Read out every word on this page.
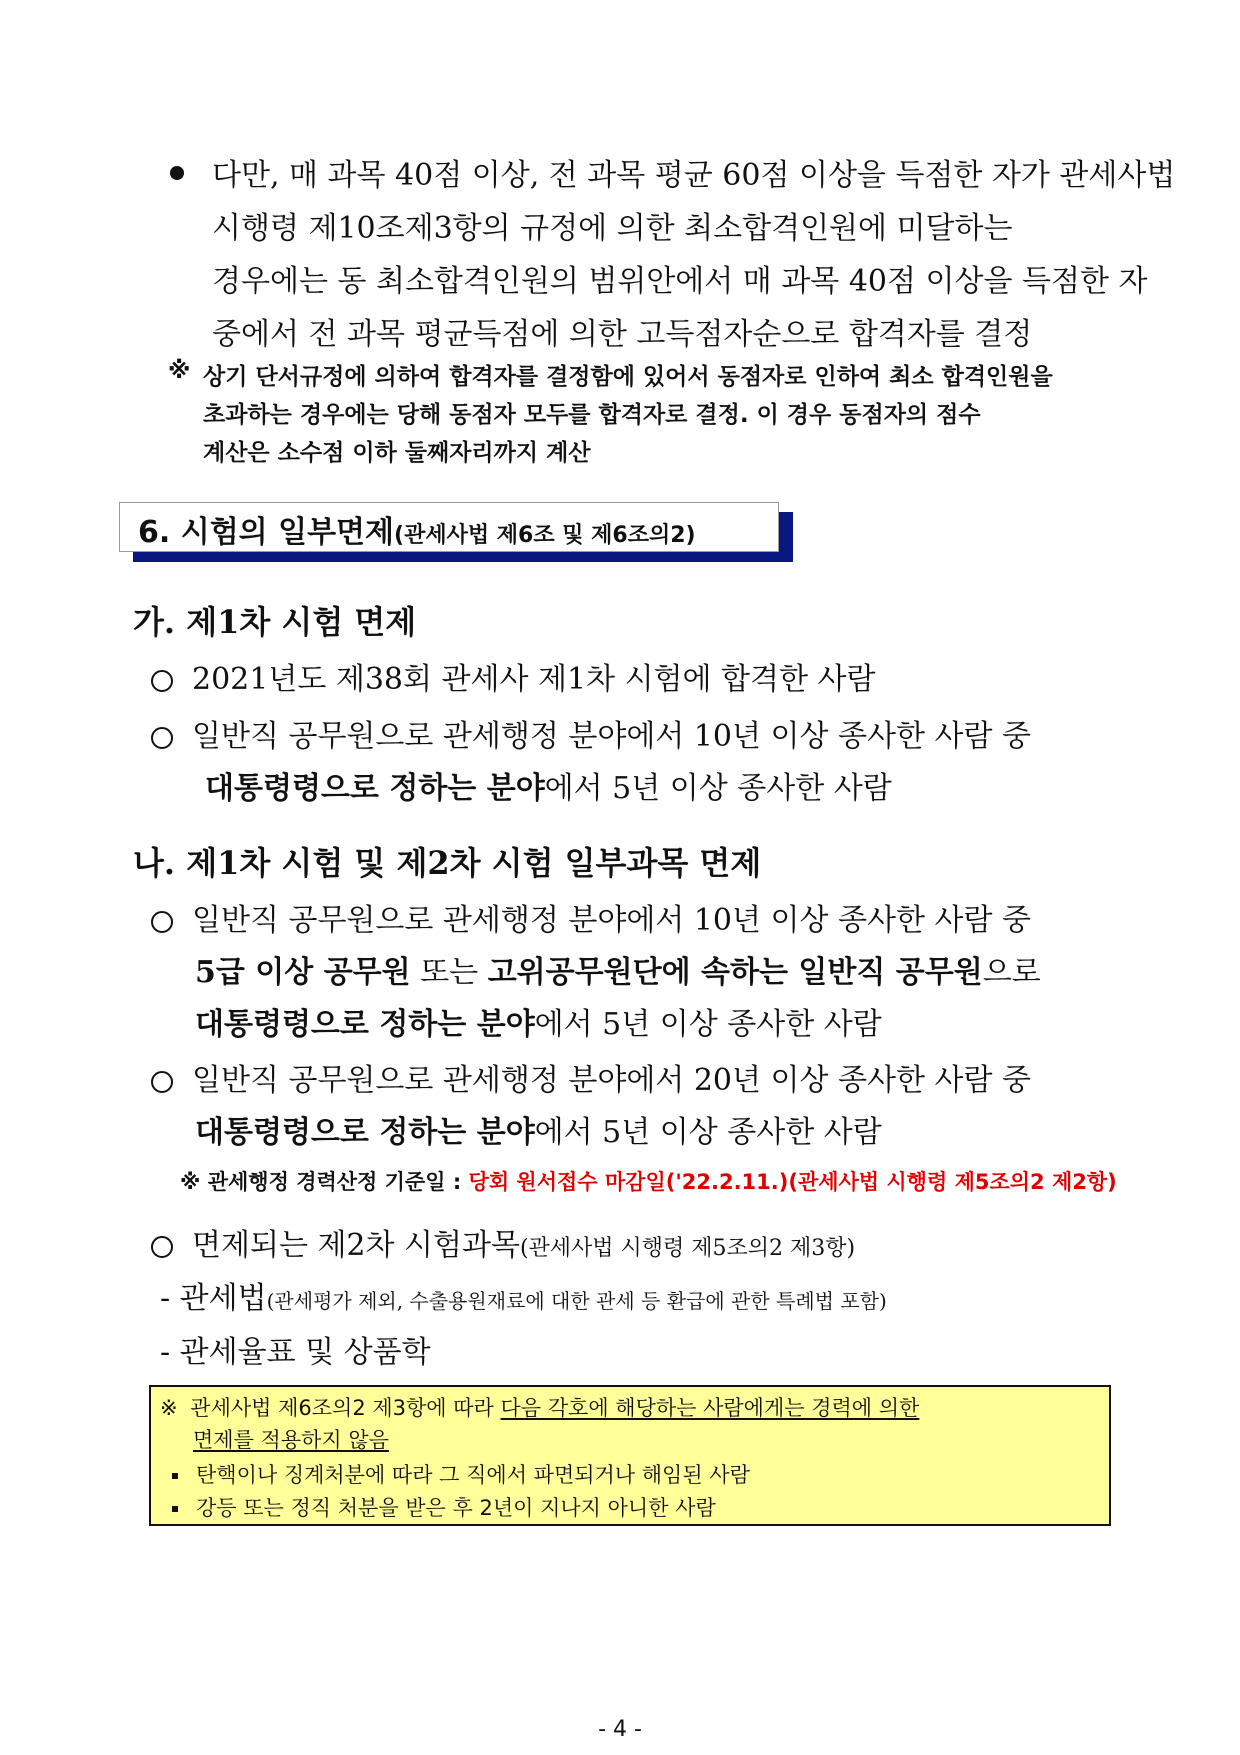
다만, 매 과목 40점 이상, 전 과목 평균 60점 이상을 득점한 자가 관세사법
시행령 제10조제3항의 규정에 의한 최소합격인원에 미달하는
경우에는 동 최소합격인원의 범위안에서 매 과목 40점 이상을 득점한 자
중에서 전 과목 평균득점에 의한 고득점자순으로 합격자를 결정
※ 상기 단서규정에 의하여 합격자를 결정함에 있어서 동점자로 인하여 최소 합격인원을
초과하는 경우에는 당해 동점자 모두를 합격자로 결정. 이 경우 동점자의 점수
계산은 소수점 이하 둘째자리까지 계산
6. 시험의 일부면제(관세사법 제6조 및 제6조의2)
가. 제1차 시험 면제
2021년도 제38회 관세사 제1차 시험에 합격한 사람
일반직 공무원으로 관세행정 분야에서 10년 이상 종사한 사람 중
대통령령으로 정하는 분야에서 5년 이상 종사한 사람
나. 제1차 시험 및 제2차 시험 일부과목 면제
일반직 공무원으로 관세행정 분야에서 10년 이상 종사한 사람 중
5급 이상 공무원 또는 고위공무원단에 속하는 일반직 공무원으로
대통령령으로 정하는 분야에서 5년 이상 종사한 사람
일반직 공무원으로 관세행정 분야에서 20년 이상 종사한 사람 중
대통령령으로 정하는 분야에서 5년 이상 종사한 사람
※ 관세행정 경력산정 기준일 : 당회 원서접수 마감일('22.2.11.)(관세사법 시행령 제5조의2 제2항)
면제되는 제2차 시험과목(관세사법 시행령 제5조의2 제3항)
- 관세법(관세평가 제외, 수출용원재료에 대한 관세 등 환급에 관한 특례법 포함)
- 관세율표 및 상품학
※ 관세사법 제6조의2 제3항에 따라 다음 각호에 해당하는 사람에게는 경력에 의한
면제를 적용하지 않음
탄핵이나 징계처분에 따라 그 직에서 파면되거나 해임된 사람
강등 또는 정직 처분을 받은 후 2년이 지나지 아니한 사람
- 4 -
